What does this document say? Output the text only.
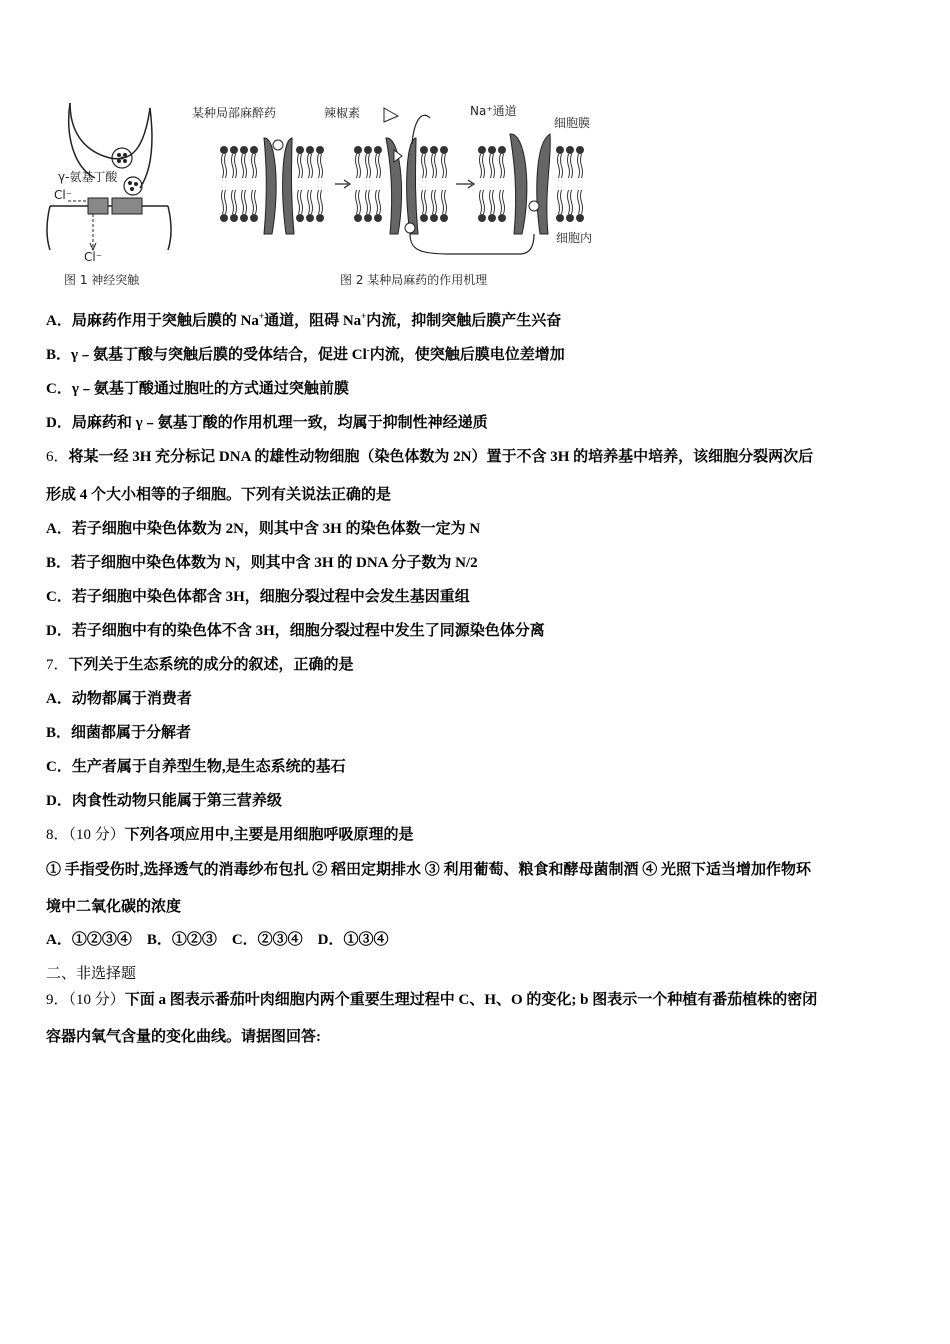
γ-氨基丁酸
Cl⁻
Cl⁻
图 1 神经突触
某种局部麻醉药	辣椒素	Na⁺通道
细胞膜
细胞内
图 2 某种局麻药的作用机理
A．局麻药作用于突触后膜的 Na+通道，阻碍 Na+内流，抑制突触后膜产生兴奋
B．γ﹣氨基丁酸与突触后膜的受体结合，促进 Cl-内流，使突触后膜电位差增加
C．γ﹣氨基丁酸通过胞吐的方式通过突触前膜
D．局麻药和 γ﹣氨基丁酸的作用机理一致，均属于抑制性神经递质
6．将某一经 3H 充分标记 DNA 的雄性动物细胞（染色体数为 2N）置于不含 3H 的培养基中培养，该细胞分裂两次后
形成 4 个大小相等的子细胞。下列有关说法正确的是
A．若子细胞中染色体数为 2N，则其中含 3H 的染色体数一定为 N
B．若子细胞中染色体数为 N，则其中含 3H 的 DNA 分子数为 N/2
C．若子细胞中染色体都含 3H，细胞分裂过程中会发生基因重组
D．若子细胞中有的染色体不含 3H，细胞分裂过程中发生了同源染色体分离
7．下列关于生态系统的成分的叙述，正确的是
A．动物都属于消费者
B．细菌都属于分解者
C．生产者属于自养型生物,是生态系统的基石
D．肉食性动物只能属于第三营养级
8．（10 分）下列各项应用中,主要是用细胞呼吸原理的是
① 手指受伤时,选择透气的消毒纱布包扎 ② 稻田定期排水 ③ 利用葡萄、粮食和酵母菌制酒 ④ 光照下适当增加作物环
境中二氧化碳的浓度
A．①②③④    B．①②③    C．②③④    D．①③④
二、非选择题
9．（10 分）下面 a 图表示番茄叶肉细胞内两个重要生理过程中 C、H、O 的变化; b 图表示一个种植有番茄植株的密闭
容器内氧气含量的变化曲线。请据图回答:
